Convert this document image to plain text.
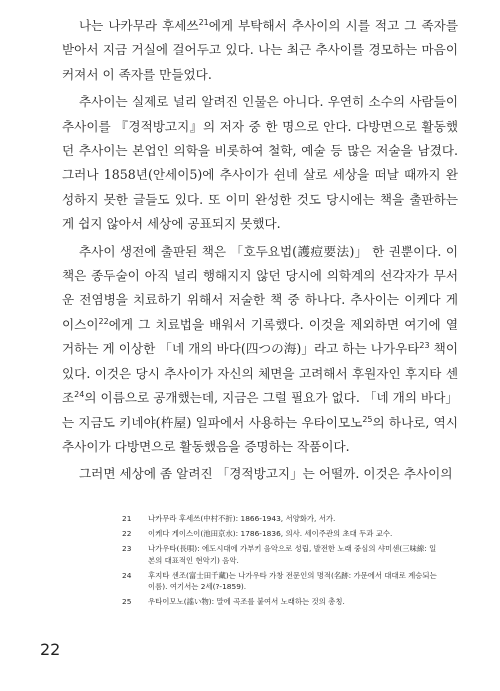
나는 나카무라 후세쓰$^{21}$에게 부탁해서 추사이의 시를 적고 그 족자를 받아서 지금 거실에 걸어두고 있다. 나는 최근 추사이를 경모하는 마음이 커져서 이 족자를 만들었다.

추사이는 실제로 널리 알려진 인물은 아니다. 우연히 소수의 사람들이 추사이를 『경적방고지』의 저자 중 한 명으로 안다. 다방면으로 활동했던 추사이는 본업인 의학을 비롯하여 철학, 예술 등 많은 저술을 남겼다. 그러나 1858년(안세이5)에 추사이가 쉰네 살로 세상을 떠날 때까지 완성하지 못한 글들도 있다. 또 이미 완성한 것도 당시에는 책을 출판하는 게 쉽지 않아서 세상에 공표되지 못했다.

추사이 생전에 출판된 책은 「호두요법(護痘要法)」 한 권뿐이다. 이 책은 종두술이 아직 널리 행해지지 않던 당시에 의학계의 선각자가 무서운 전염병을 치료하기 위해서 저술한 책 중 하나다. 추사이는 이케다 게이스이$^{22}$에게 그 치료법을 배워서 기록했다. 이것을 제외하면 여기에 열거하는 게 이상한 「네 개의 바다(四つの海)」라고 하는 나가우타$^{23}$ 책이 있다. 이것은 당시 추사이가 자신의 체면을 고려해서 후원자인 후지타 센조$^{24}$의 이름으로 공개했는데, 지금은 그럴 필요가 없다. 「네 개의 바다」는 지금도 키네야(杵屋) 일파에서 사용하는 우타이모노$^{25}$의 하나로, 역시 추사이가 다방면으로 활동했음을 증명하는 작품이다.

그러면 세상에 좀 알려진 「경적방고지」는 어떨까. 이것은 추사이의

21	나카무라 후세쓰(中村不折): 1866-1943, 서양화가, 서가.
22	이케다 게이스이(池田京水): 1786-1836, 의사. 세이주관의 초대 두과 교수.
23	나가우타(長唄): 에도시대에 가부키 음악으로 성립, 발전한 노래 중심의 샤미센(三味線: 일본의 대표적인 현악기) 음악.
24	후지타 센조(富士田千藏)는 나가우타 가창 전문인의 명적(名跡: 가문에서 대대로 계승되는 이름). 여기서는 2세(?-1859).
25	우타이모노(謠い物): 말에 곡조를 붙여서 노래하는 것의 총칭.
22
